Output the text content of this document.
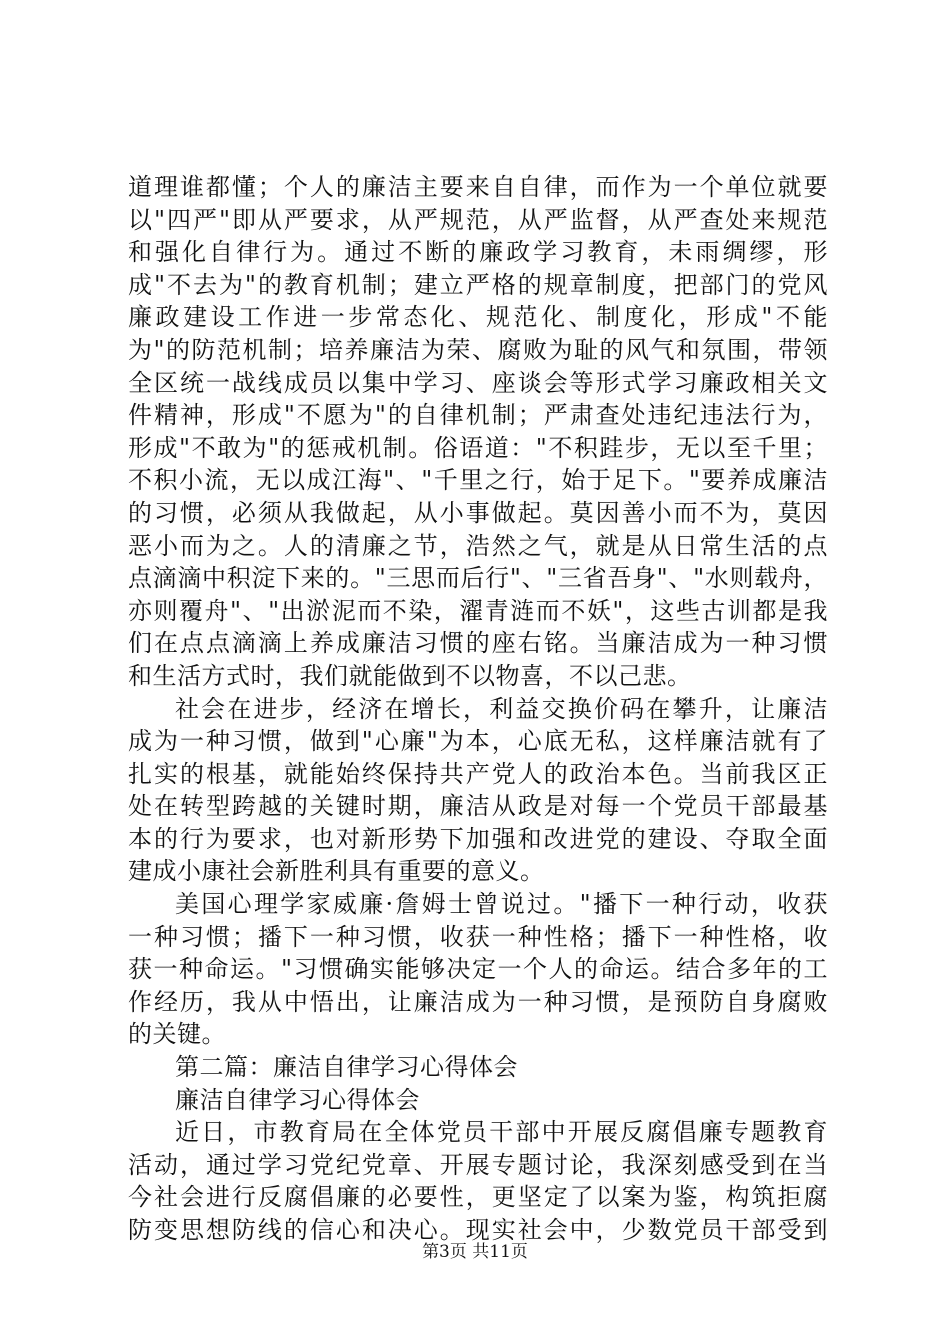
道理谁都懂；个人的廉洁主要来自自律，而作为一个单位就要
以"四严"即从严要求，从严规范，从严监督，从严查处来规范
和强化自律行为。通过不断的廉政学习教育，未雨绸缪，形
成"不去为"的教育机制；建立严格的规章制度，把部门的党风
廉政建设工作进一步常态化、规范化、制度化，形成"不能
为"的防范机制；培养廉洁为荣、腐败为耻的风气和氛围，带领
全区统一战线成员以集中学习、座谈会等形式学习廉政相关文
件精神，形成"不愿为"的自律机制；严肃查处违纪违法行为，
形成"不敢为"的惩戒机制。俗语道："不积跬步，无以至千里；
不积小流，无以成江海"、"千里之行，始于足下。"要养成廉洁
的习惯，必须从我做起，从小事做起。莫因善小而不为，莫因
恶小而为之。人的清廉之节，浩然之气，就是从日常生活的点
点滴滴中积淀下来的。"三思而后行"、"三省吾身"、"水则载舟，
亦则覆舟"、"出淤泥而不染，濯青涟而不妖"，这些古训都是我
们在点点滴滴上养成廉洁习惯的座右铭。当廉洁成为一种习惯
和生活方式时，我们就能做到不以物喜，不以己悲。
社会在进步，经济在增长，利益交换价码在攀升，让廉洁
成为一种习惯，做到"心廉"为本，心底无私，这样廉洁就有了
扎实的根基，就能始终保持共产党人的政治本色。当前我区正
处在转型跨越的关键时期，廉洁从政是对每一个党员干部最基
本的行为要求，也对新形势下加强和改进党的建设、夺取全面
建成小康社会新胜利具有重要的意义。
美国心理学家威廉·詹姆士曾说过。"播下一种行动，收获
一种习惯；播下一种习惯，收获一种性格；播下一种性格，收
获一种命运。"习惯确实能够决定一个人的命运。结合多年的工
作经历，我从中悟出，让廉洁成为一种习惯，是预防自身腐败
的关键。
第二篇：廉洁自律学习心得体会
廉洁自律学习心得体会
近日，市教育局在全体党员干部中开展反腐倡廉专题教育
活动，通过学习党纪党章、开展专题讨论，我深刻感受到在当
今社会进行反腐倡廉的必要性，更坚定了以案为鉴，构筑拒腐
防变思想防线的信心和决心。现实社会中，少数党员干部受到
第3页 共11页
